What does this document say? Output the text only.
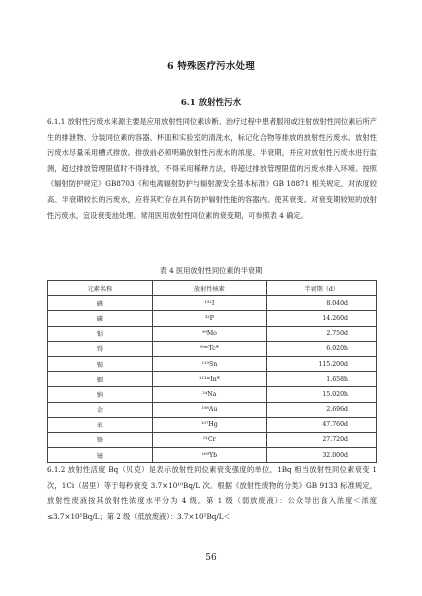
6 特殊医疗污水处理
6.1 放射性污水

6.1.1 放射性污废水来源主要是应用放射性同位素诊断、治疗过程中患者服用或注射放射性同位素后所产生的排泄物、分装同位素的容器、杯皿和实验室的清洗水，标记化合物等排放的放射性污废水。放射性污废水尽量采用槽式排放。排放前必须明确放射性污废水的浓度、半衰期，并应对放射性污废水进行监测，超过排放管理限值时不得排放，不得采用稀释方法，将超过排放管理限值的污废水排入环境。按照《辐射防护规定》GB8703《和电离辐射防护与辐射源安全基本标准》GB 18871 相关规定，对浓度较高、半衰期较长的污废水，应将其贮存在具有防护辐射性能的容器内。使其衰变。对衰变期较短的放射性污废水，宜设衰变池处理。常用医用放射性同位素的衰变期，可参照表 4 确定。

表 4 医用放射性同位素的半衰期
元素名称	放射性核素	半衰期（d）
碘	¹³¹I	8.040d
磷	³²P	14.260d
钼	⁹⁹Mo	2.750d
锝	⁹⁹ᵐTc*	6.020h
锡	¹¹³Sn	115.200d
铟	¹¹³ᵐIn*	1.658h
钠	²⁴Na	15.020h
金	¹⁹⁸Au	2.696d
汞	¹⁹⁷Hg	47.760d
铬	⁵¹Cr	27.720d
镱	¹⁶⁹Yb	32.000d

6.1.2 放射性活度 Bq（贝克）是表示放射性同位素衰变强度的单位，1Bq 相当放射性同位素衰变 1 次，1Ci（居里）等于每秒衰变 3.7×10¹⁰Bq/L 次。根据《放射性废物的分类》GB 9133 标准规定，放射性废液按其放射性浓度水平分为 4 级。第 1 级（弱放废液）：公众导出食入浓度＜浓度≤3.7×10⁵Bq/L；第 2 级（低放废液）：3.7×10⁵Bq/L＜

56
